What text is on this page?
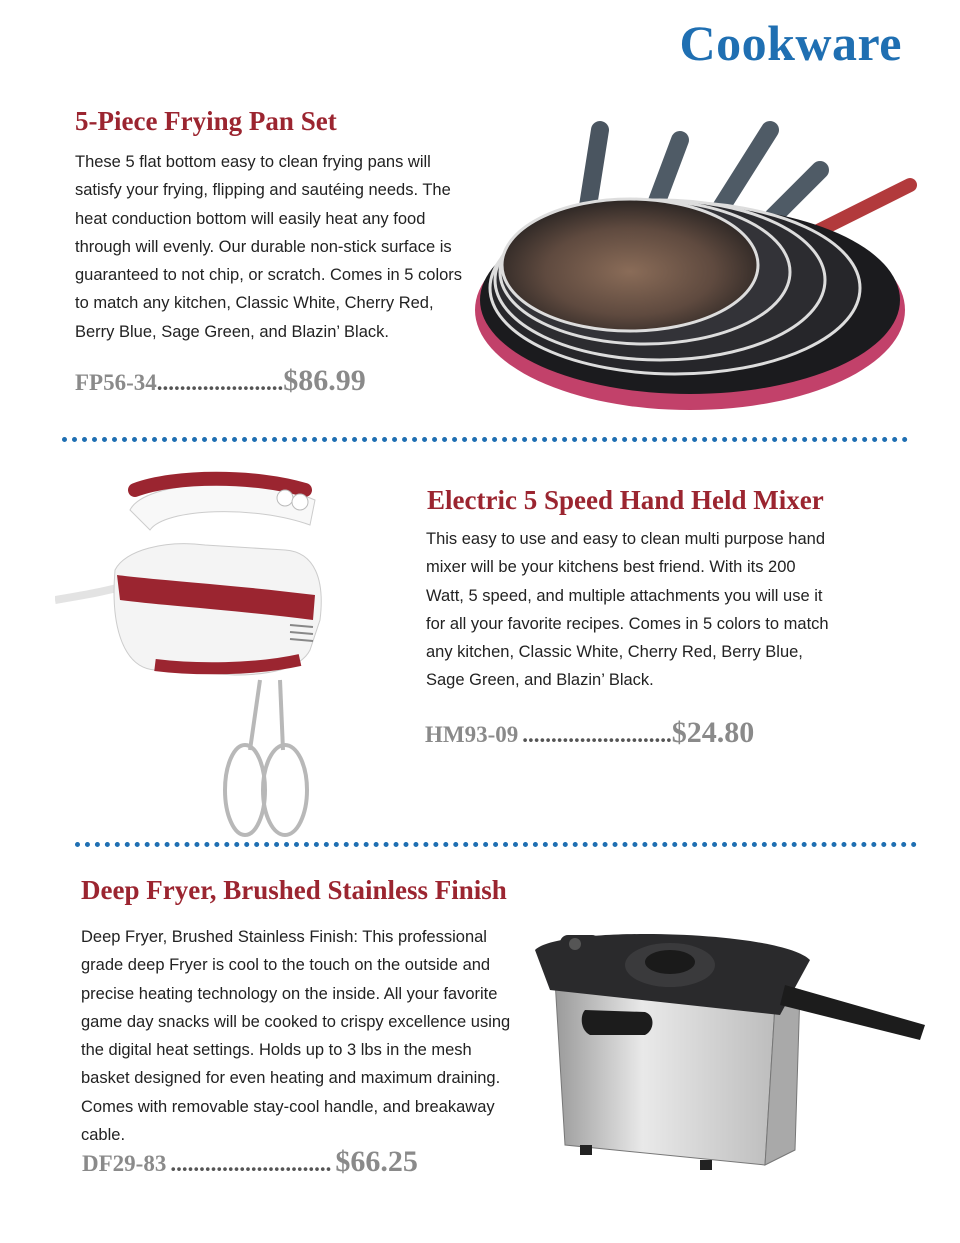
Cookware
5-Piece Frying Pan Set
These 5 flat bottom easy to clean frying pans will satisfy your frying, flipping and sautéing needs. The heat conduction bottom will easily heat any food through will evenly. Our durable non-stick surface is guaranteed to not chip, or scratch. Comes in 5 colors to match any kitchen, Classic White, Cherry Red, Berry Blue, Sage Green, and Blazin’ Black.
FP56-34......................$86.99
Electric 5 Speed Hand Held Mixer
This easy to use and easy to clean multi purpose hand mixer will be your kitchens best friend. With its 200 Watt, 5 speed, and multiple attachments you will use it for all your favorite recipes. Comes in 5 colors to match any kitchen, Classic White, Cherry Red, Berry Blue, Sage Green, and Blazin’ Black.
HM93-09 ..........................$24.80
Deep Fryer, Brushed Stainless Finish
Deep Fryer, Brushed Stainless Finish: This professional grade deep Fryer is cool to the touch on the outside and precise heating technology on the inside. All your favorite game day snacks will be cooked to crispy excellence using the digital heat settings. Holds up to 3 lbs in the mesh basket designed for even heating and maximum draining. Comes with removable stay-cool handle, and breakaway cable.
DF29-83 ............................ $66.25
